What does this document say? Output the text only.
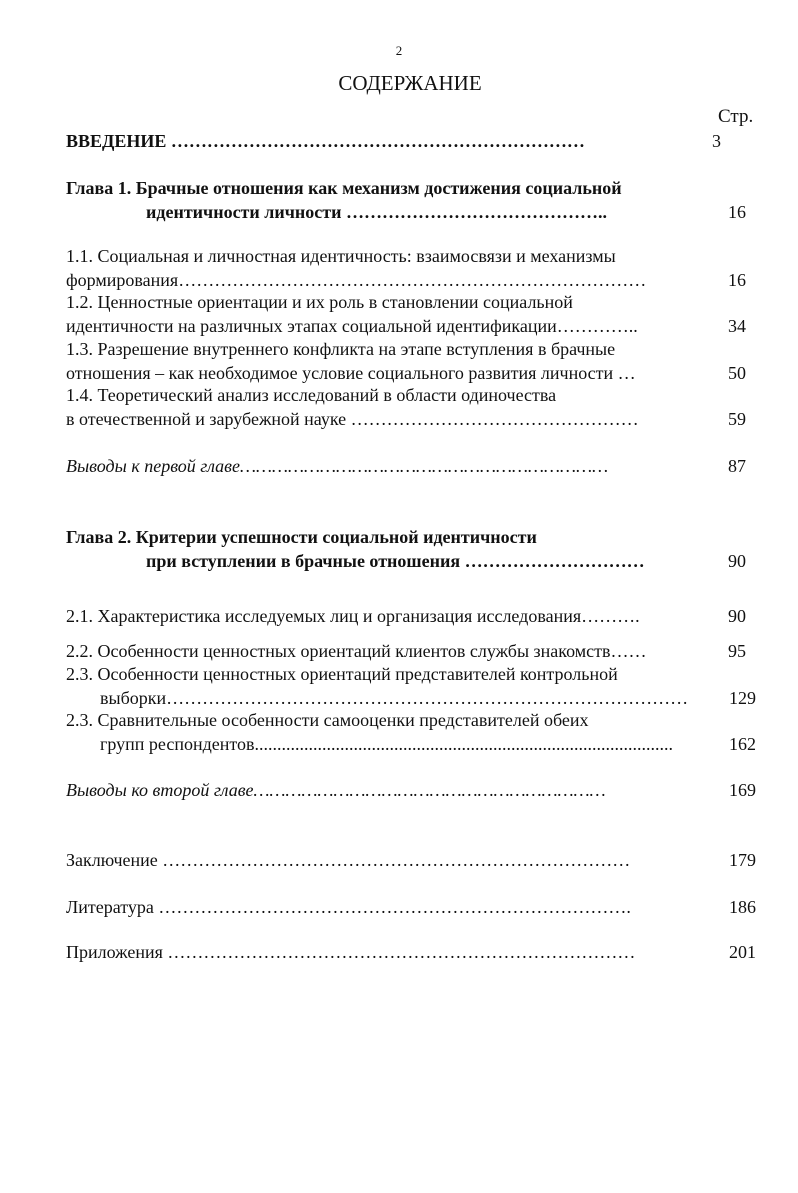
2
СОДЕРЖАНИЕ
Стр.
ВВЕДЕНИЕ ……………………………………………………………	3
Глава 1. Брачные отношения как механизм достижения социальной
идентичности личности ……………………………………..	16
1.1. Социальная и личностная идентичность: взаимосвязи и механизмы
формирования……………………………………………………………………	16
1.2. Ценностные ориентации и их роль в становлении социальной
идентичности на различных этапах социальной идентификации…………..	34
1.3. Разрешение внутреннего конфликта на этапе вступления в брачные
отношения – как необходимое условие социального развития личности …	50
1.4. Теоретический анализ исследований в области одиночества
в отечественной и зарубежной науке …………………………………………	59
Выводы к первой главе……………………………………………………………	87
Глава 2. Критерии успешности социальной идентичности
при вступлении в брачные отношения …………………………	90
2.1. Характеристика исследуемых лиц и организация исследования……….	90
2.2. Особенности ценностных ориентаций клиентов службы знакомств……	95
2.3. Особенности ценностных ориентаций представителей контрольной
выборки……………………………………………………………………………	129
2.3. Сравнительные особенности самооценки представителей обеих
групп респондентов.............................................................................................	162
Выводы ко второй главе…………………………………………………………	169
Заключение ……………………………………………………………………	179
Литература …………………………………………………………………….	186
Приложения ……………………………………………………………………	201
